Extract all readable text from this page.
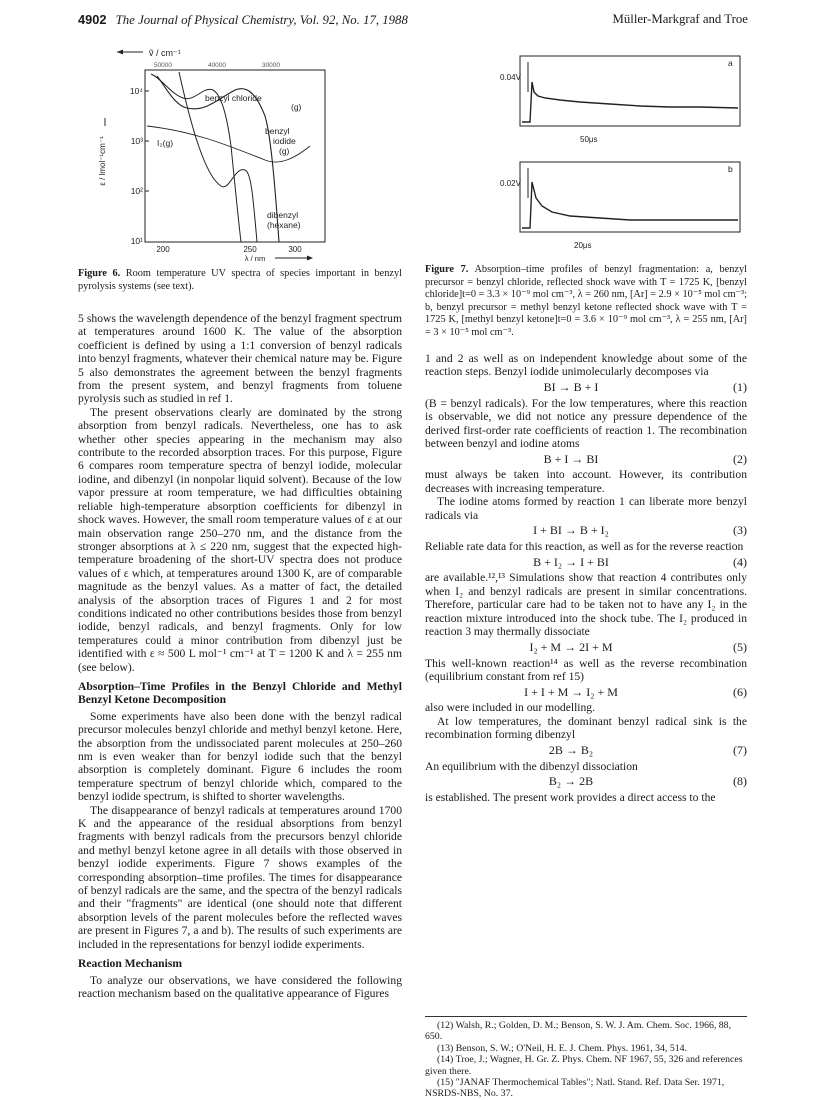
4902 The Journal of Physical Chemistry, Vol. 92, No. 17, 1988	Müller-Markgraf and Troe
ṽ / cm⁻¹
50000	40000	30000
10⁴
10³
10²
10¹
ε / lmol⁻¹cm⁻¹
200	250	300
λ / nm
benzyl chloride
(g)
I₂(g)
benzyl
iodide
(g)
dibenzyl
(hexane)
Figure 6. Room temperature UV spectra of species important in benzyl pyrolysis systems (see text).
0.04V
a
50μs
0.02V
b
20μs
Figure 7. Absorption–time profiles of benzyl fragmentation: a, benzyl precursor = benzyl chloride, reflected shock wave with T = 1725 K, [benzyl chloride]t=0 = 3.3 × 10⁻⁹ mol cm⁻³, λ = 260 nm, [Ar] = 2.9 × 10⁻⁵ mol cm⁻³; b, benzyl precursor = methyl benzyl ketone reflected shock wave with T = 1725 K, [methyl benzyl ketone]t=0 = 3.6 × 10⁻⁹ mol cm⁻³, λ = 255 nm, [Ar] = 3 × 10⁻⁵ mol cm⁻³.

5 shows the wavelength dependence of the benzyl fragment spectrum at temperatures around 1600 K. The value of the absorption coefficient is defined by using a 1:1 conversion of benzyl radicals into benzyl fragments, whatever their chemical nature may be. Figure 5 also demonstrates the agreement between the benzyl fragments from the present system, and benzyl fragments from toluene pyrolysis such as studied in ref 1.

The present observations clearly are dominated by the strong absorption from benzyl radicals. Nevertheless, one has to ask whether other species appearing in the mechanism may also contribute to the recorded absorption traces. For this purpose, Figure 6 compares room temperature spectra of benzyl iodide, molecular iodine, and dibenzyl (in nonpolar liquid solvent). Because of the low vapor pressure at room temperature, we had difficulties obtaining reliable high-temperature absorption coefficients for dibenzyl in shock waves. However, the small room temperature values of ε at our main observation range 250–270 nm, and the distance from the stronger absorptions at λ ≤ 220 nm, suggest that the expected high-temperature broadening of the short-UV spectra does not produce values of ε which, at temperatures around 1300 K, are of comparable magnitude as the benzyl values. As a matter of fact, the detailed analysis of the absorption traces of Figures 1 and 2 for most conditions indicated no other contributions besides those from benzyl iodide, benzyl radicals, and benzyl fragments. Only for low temperatures could a minor contribution from dibenzyl just be identified with ε ≈ 500 L mol⁻¹ cm⁻¹ at T = 1200 K and λ = 255 nm (see below).

Absorption–Time Profiles in the Benzyl Chloride and Methyl Benzyl Ketone Decomposition

Some experiments have also been done with the benzyl radical precursor molecules benzyl chloride and methyl benzyl ketone. Here, the absorption from the undissociated parent molecules at 250–260 nm is even weaker than for benzyl iodide such that the benzyl absorption is completely dominant. Figure 6 includes the room temperature spectrum of benzyl chloride which, compared to the benzyl iodide spectrum, is shifted to shorter wavelengths.

The disappearance of benzyl radicals at temperatures around 1700 K and the appearance of the residual absorptions from benzyl fragments with benzyl radicals from the precursors benzyl chloride and methyl benzyl ketone agree in all details with those observed in benzyl iodide experiments. Figure 7 shows examples of the corresponding absorption–time profiles. The times for disappearance of benzyl radicals are the same, and the spectra of the benzyl radicals and their "fragments" are identical (one should note that different absorption levels of the parent molecules before the reflected waves are present in Figures 7, a and b). The results of such experiments are included in the representations for benzyl iodide experiments.

Reaction Mechanism

To analyze our observations, we have considered the following reaction mechanism based on the qualitative appearance of Figures

1 and 2 as well as on independent knowledge about some of the reaction steps. Benzyl iodide unimolecularly decomposes via

BI → B + I	(1)

(B = benzyl radicals). For the low temperatures, where this reaction is observable, we did not notice any pressure dependence of the derived first-order rate coefficients of reaction 1. The recombination between benzyl and iodine atoms

B + I → BI	(2)

must always be taken into account. However, its contribution decreases with increasing temperature.

The iodine atoms formed by reaction 1 can liberate more benzyl radicals via

I + BI → B + I₂	(3)

Reliable rate data for this reaction, as well as for the reverse reaction

B + I₂ → I + BI	(4)

are available.¹²,¹³ Simulations show that reaction 4 contributes only when I₂ and benzyl radicals are present in similar concentrations. Therefore, particular care had to be taken not to have any I₂ in the reaction mixture introduced into the shock tube. The I₂ produced in reaction 3 may thermally dissociate

I₂ + M → 2I + M	(5)

This well-known reaction¹⁴ as well as the reverse recombination (equilibrium constant from ref 15)

I + I + M → I₂ + M	(6)

also were included in our modelling.

At low temperatures, the dominant benzyl radical sink is the recombination forming dibenzyl

2B → B₂	(7)

An equilibrium with the dibenzyl dissociation

B₂ → 2B	(8)

is established. The present work provides a direct access to the

(12) Walsh, R.; Golden, D. M.; Benson, S. W. J. Am. Chem. Soc. 1966, 88, 650.

(13) Benson, S. W.; O'Neil, H. E. J. Chem. Phys. 1961, 34, 514.

(14) Troe, J.; Wagner, H. Gr. Z. Phys. Chem. NF 1967, 55, 326 and references given there.

(15) "JANAF Thermochemical Tables"; Natl. Stand. Ref. Data Ser. 1971, NSRDS-NBS, No. 37.
